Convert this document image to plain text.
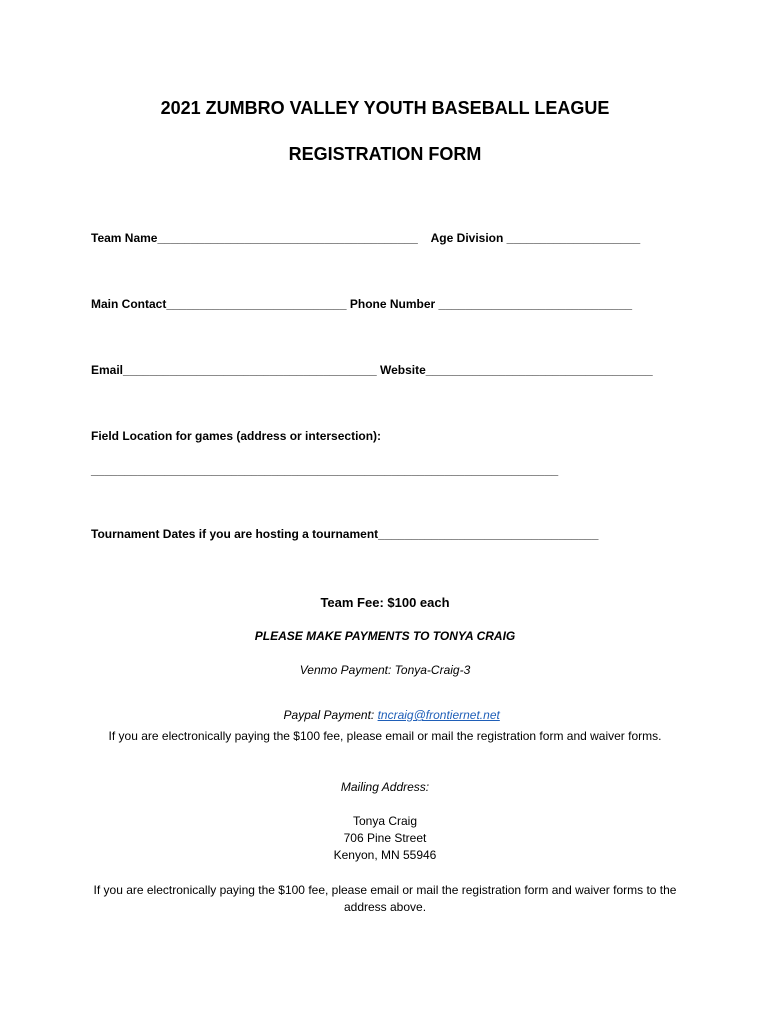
2021 ZUMBRO VALLEY YOUTH BASEBALL LEAGUE
REGISTRATION FORM
Team Name_______________________________________    Age Division ____________________
Main Contact___________________________ Phone Number _____________________________
Email______________________________________ Website__________________________________
Field Location for games (address or intersection):
______________________________________________________________________
Tournament Dates if you are hosting a tournament_________________________________
Team Fee: $100 each
PLEASE MAKE PAYMENTS TO TONYA CRAIG
Venmo Payment: Tonya-Craig-3

Paypal Payment: tncraig@frontiernet.net

If you are electronically paying the $100 fee, please email or mail the registration form and waiver forms.
Mailing Address:
Tonya Craig
706 Pine Street
Kenyon, MN 55946
If you are electronically paying the $100 fee, please email or mail the registration form and waiver forms to the address above.
